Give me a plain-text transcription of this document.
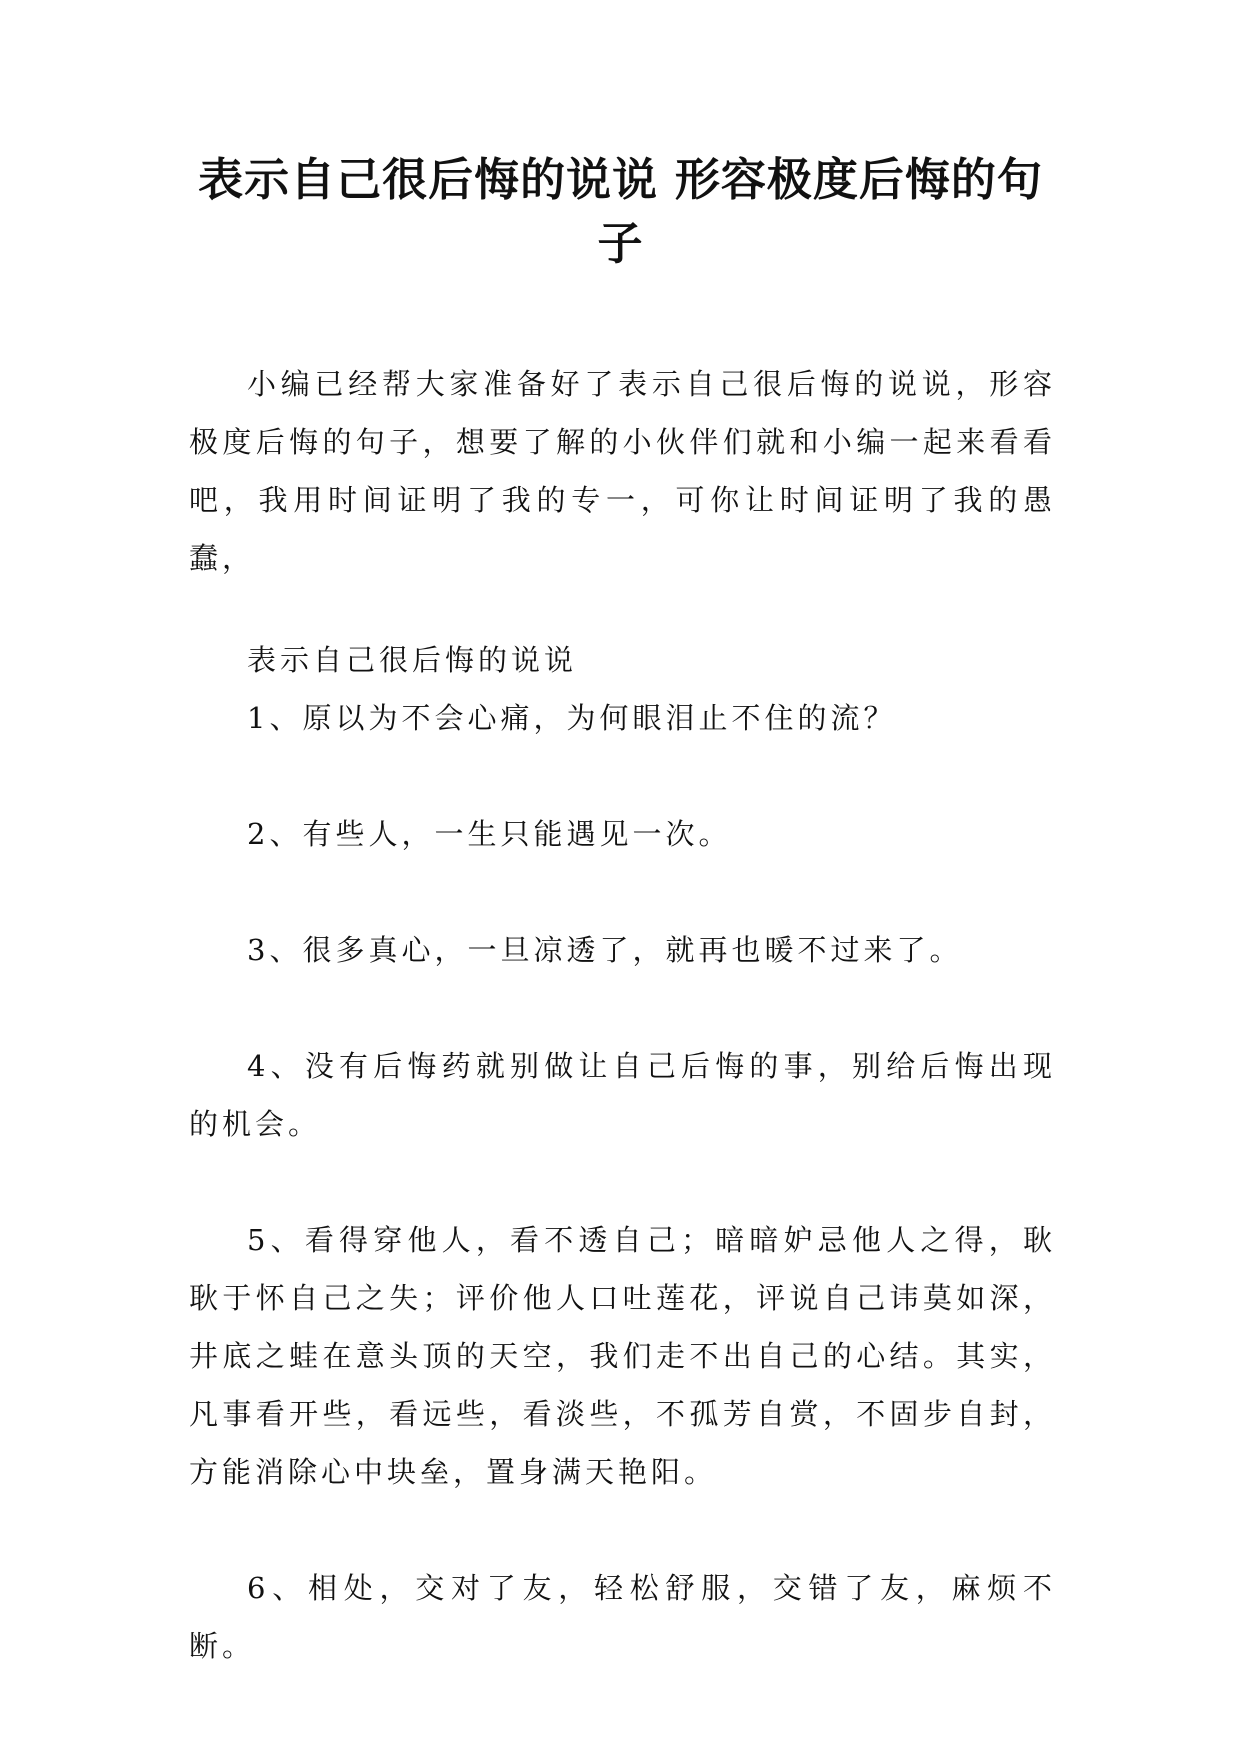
表示自己很后悔的说说 形容极度后悔的句子

小编已经帮大家准备好了表示自己很后悔的说说，形容极度后悔的句子，想要了解的小伙伴们就和小编一起来看看吧，我用时间证明了我的专一，可你让时间证明了我的愚蠢，

表示自己很后悔的说说

1、原以为不会心痛，为何眼泪止不住的流？

2、有些人，一生只能遇见一次。

3、很多真心，一旦凉透了，就再也暖不过来了。

4、没有后悔药就别做让自己后悔的事，别给后悔出现的机会。

5、看得穿他人，看不透自己；暗暗妒忌他人之得，耿耿于怀自己之失；评价他人口吐莲花，评说自己讳莫如深，井底之蛙在意头顶的天空，我们走不出自己的心结。其实，凡事看开些，看远些，看淡些，不孤芳自赏，不固步自封，方能消除心中块垒，置身满天艳阳。

6、相处，交对了友，轻松舒服，交错了友，麻烦不断。
